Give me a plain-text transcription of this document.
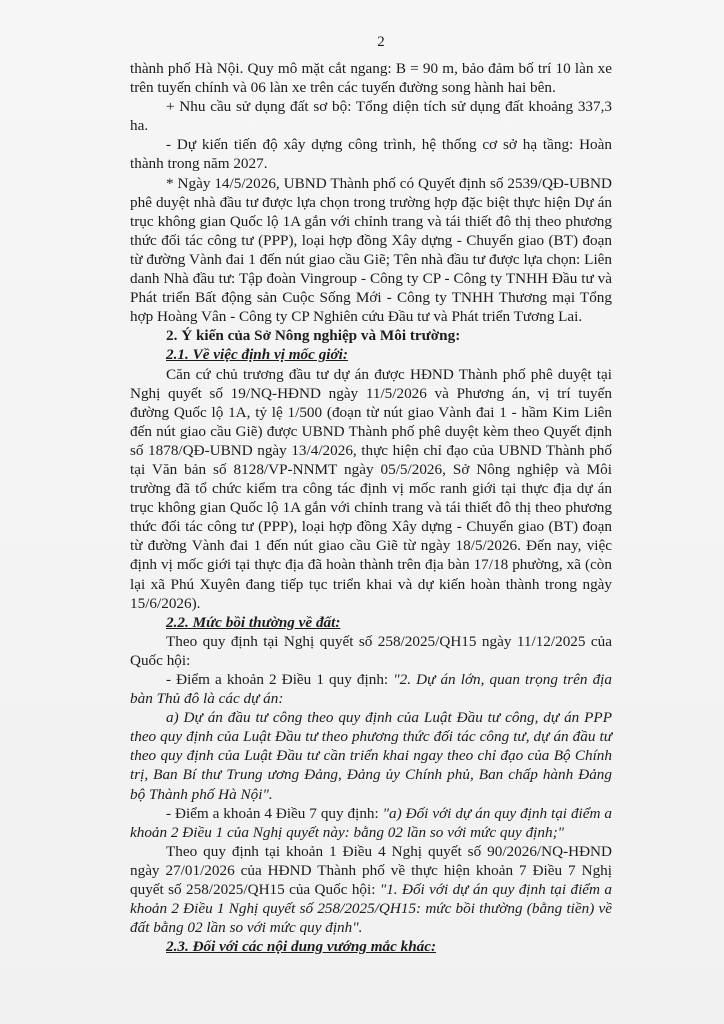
2

thành phố Hà Nội. Quy mô mặt cắt ngang: B = 90 m, bảo đảm bố trí 10 làn xe trên tuyến chính và 06 làn xe trên các tuyến đường song hành hai bên.

+ Nhu cầu sử dụng đất sơ bộ: Tổng diện tích sử dụng đất khoảng 337,3 ha.

- Dự kiến tiến độ xây dựng công trình, hệ thống cơ sở hạ tầng: Hoàn thành trong năm 2027.

* Ngày 14/5/2026, UBND Thành phố có Quyết định số 2539/QĐ-UBND phê duyệt nhà đầu tư được lựa chọn trong trường hợp đặc biệt thực hiện Dự án trục không gian Quốc lộ 1A gắn với chỉnh trang và tái thiết đô thị theo phương thức đối tác công tư (PPP), loại hợp đồng Xây dựng - Chuyển giao (BT) đoạn từ đường Vành đai 1 đến nút giao cầu Giẽ; Tên nhà đầu tư được lựa chọn: Liên danh Nhà đầu tư: Tập đoàn Vingroup - Công ty CP - Công ty TNHH Đầu tư và Phát triển Bất động sản Cuộc Sống Mới - Công ty TNHH Thương mại Tổng hợp Hoàng Vân - Công ty CP Nghiên cứu Đầu tư và Phát triển Tương Lai.

2. Ý kiến của Sở Nông nghiệp và Môi trường:

2.1. Về việc định vị mốc giới:

Căn cứ chủ trương đầu tư dự án được HĐND Thành phố phê duyệt tại Nghị quyết số 19/NQ-HĐND ngày 11/5/2026 và Phương án, vị trí tuyến đường Quốc lộ 1A, tỷ lệ 1/500 (đoạn từ nút giao Vành đai 1 - hầm Kim Liên đến nút giao cầu Giẽ) được UBND Thành phố phê duyệt kèm theo Quyết định số 1878/QĐ-UBND ngày 13/4/2026, thực hiện chỉ đạo của UBND Thành phố tại Văn bản số 8128/VP-NNMT ngày 05/5/2026, Sở Nông nghiệp và Môi trường đã tổ chức kiểm tra công tác định vị mốc ranh giới tại thực địa dự án trục không gian Quốc lộ 1A gắn với chỉnh trang và tái thiết đô thị theo phương thức đối tác công tư (PPP), loại hợp đồng Xây dựng - Chuyển giao (BT) đoạn từ đường Vành đai 1 đến nút giao cầu Giẽ từ ngày 18/5/2026. Đến nay, việc định vị mốc giới tại thực địa đã hoàn thành trên địa bàn 17/18 phường, xã (còn lại xã Phú Xuyên đang tiếp tục triển khai và dự kiến hoàn thành trong ngày 15/6/2026).

2.2. Mức bồi thường về đất:

Theo quy định tại Nghị quyết số 258/2025/QH15 ngày 11/12/2025 của Quốc hội:

- Điểm a khoản 2 Điều 1 quy định: "2. Dự án lớn, quan trọng trên địa bàn Thủ đô là các dự án:

a) Dự án đầu tư công theo quy định của Luật Đầu tư công, dự án PPP theo quy định của Luật Đầu tư theo phương thức đối tác công tư, dự án đầu tư theo quy định của Luật Đầu tư cần triển khai ngay theo chỉ đạo của Bộ Chính trị, Ban Bí thư Trung ương Đảng, Đảng ủy Chính phủ, Ban chấp hành Đảng bộ Thành phố Hà Nội".

- Điểm a khoản 4 Điều 7 quy định: "a) Đối với dự án quy định tại điểm a khoản 2 Điều 1 của Nghị quyết này: bằng 02 lần so với mức quy định;"

Theo quy định tại khoản 1 Điều 4 Nghị quyết số 90/2026/NQ-HĐND ngày 27/01/2026 của HĐND Thành phố về thực hiện khoản 7 Điều 7 Nghị quyết số 258/2025/QH15 của Quốc hội: "1. Đối với dự án quy định tại điểm a khoản 2 Điều 1 Nghị quyết số 258/2025/QH15: mức bồi thường (bằng tiền) về đất bằng 02 lần so với mức quy định".

2.3. Đối với các nội dung vướng mắc khác:
